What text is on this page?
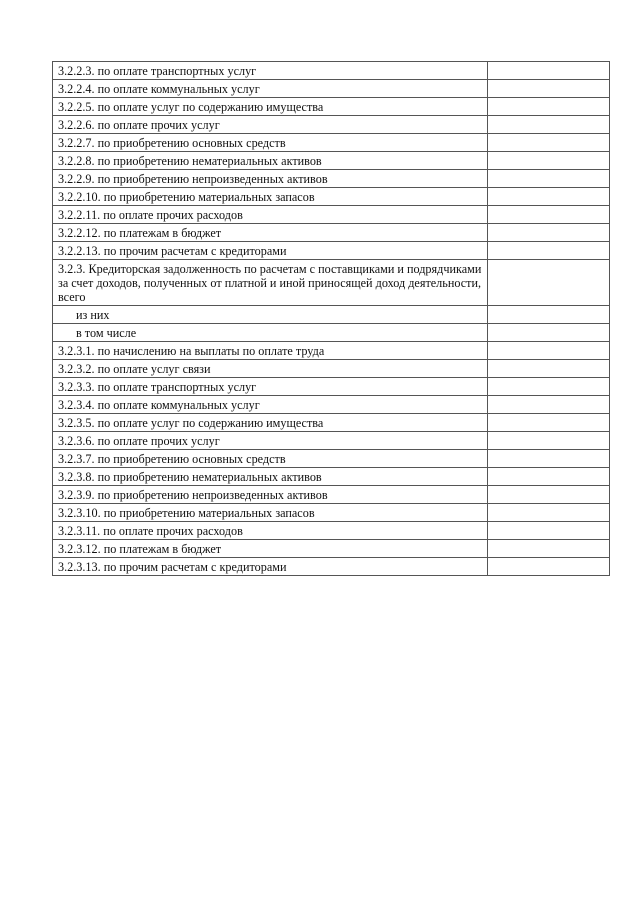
3.2.2.3. по оплате транспортных услуг	
3.2.2.4. по оплате коммунальных услуг	
3.2.2.5. по оплате услуг по содержанию имущества	
3.2.2.6. по оплате прочих услуг	
3.2.2.7. по приобретению основных средств	
3.2.2.8. по приобретению нематериальных активов	
3.2.2.9. по приобретению непроизведенных активов	
3.2.2.10. по приобретению материальных запасов	
3.2.2.11. по оплате прочих расходов	
3.2.2.12. по платежам в бюджет	
3.2.2.13. по прочим расчетам с кредиторами	
3.2.3. Кредиторская задолженность по расчетам с поставщиками и подрядчиками за счет доходов, полученных от платной и иной приносящей доход деятельности, всего	
из них	
в том числе	
3.2.3.1. по начислению на выплаты по оплате труда	
3.2.3.2. по оплате услуг связи	
3.2.3.3. по оплате транспортных услуг	
3.2.3.4. по оплате коммунальных услуг	
3.2.3.5. по оплате услуг по содержанию имущества	
3.2.3.6. по оплате прочих услуг	
3.2.3.7. по приобретению основных средств	
3.2.3.8. по приобретению нематериальных активов	
3.2.3.9. по приобретению непроизведенных активов	
3.2.3.10. по приобретению материальных запасов	
3.2.3.11. по оплате прочих расходов	
3.2.3.12. по платежам в бюджет	
3.2.3.13. по прочим расчетам с кредиторами	
